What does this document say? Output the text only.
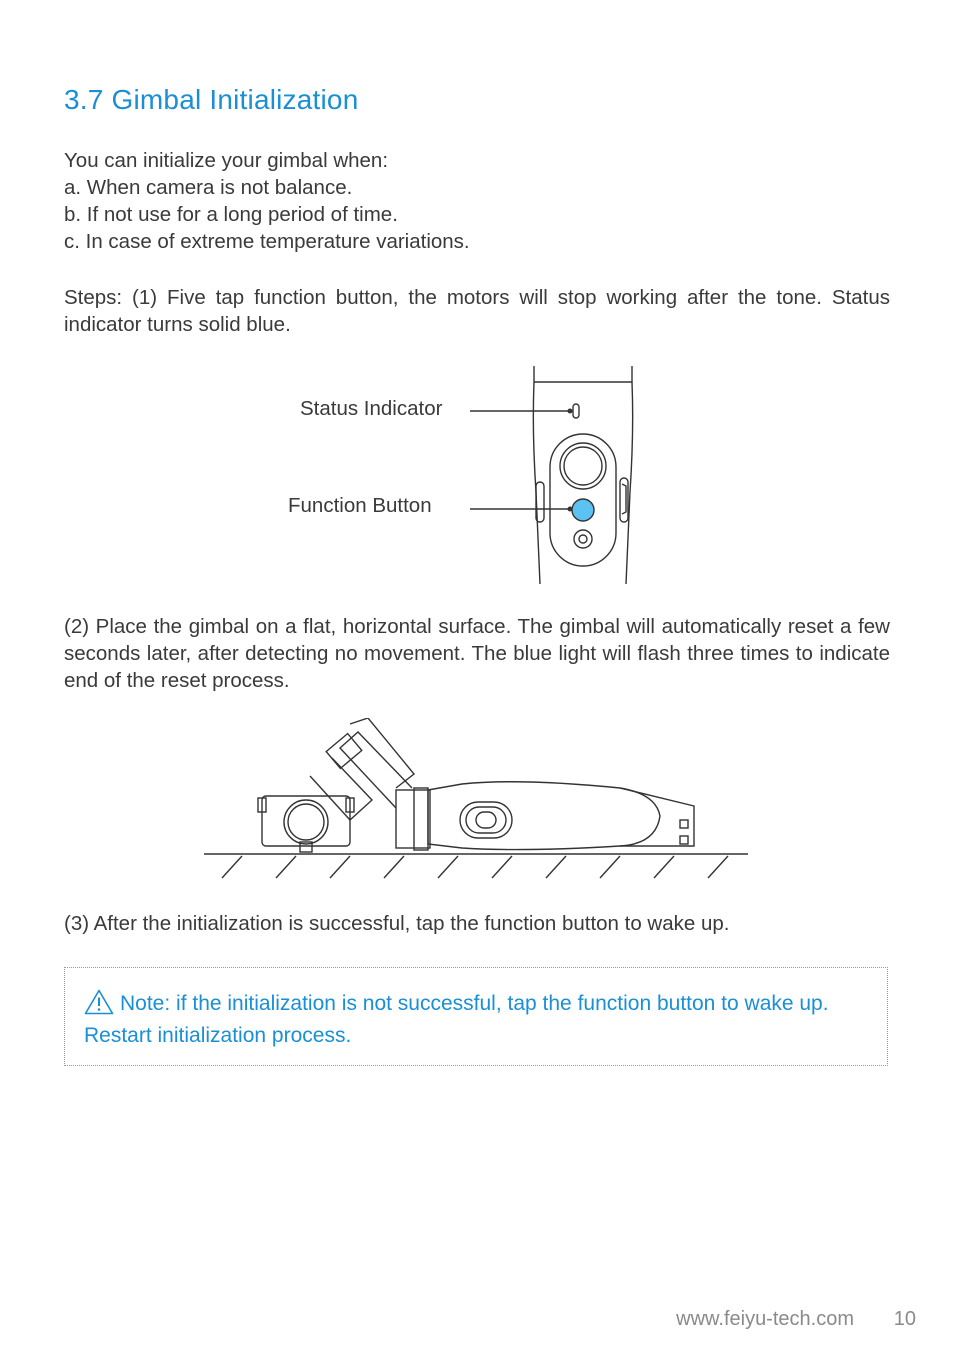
3.7 Gimbal Initialization
You can initialize your gimbal when:
a. When camera is not balance.
b. If not use for a long period of time.
c. In case of extreme temperature variations.

Steps: (1) Five tap function button, the motors will stop working after the tone. Status indicator turns solid blue.

Status Indicator
Function Button

(2) Place the gimbal on a flat, horizontal surface. The gimbal will automatically reset a few seconds later, after detecting no movement. The blue light will flash three times to indicate end of the reset process.

(3) After the initialization is successful, tap the function button to wake up.

Note: if the initialization is not successful, tap the function button to wake up. Restart initialization process.

www.feiyu-tech.com 10
